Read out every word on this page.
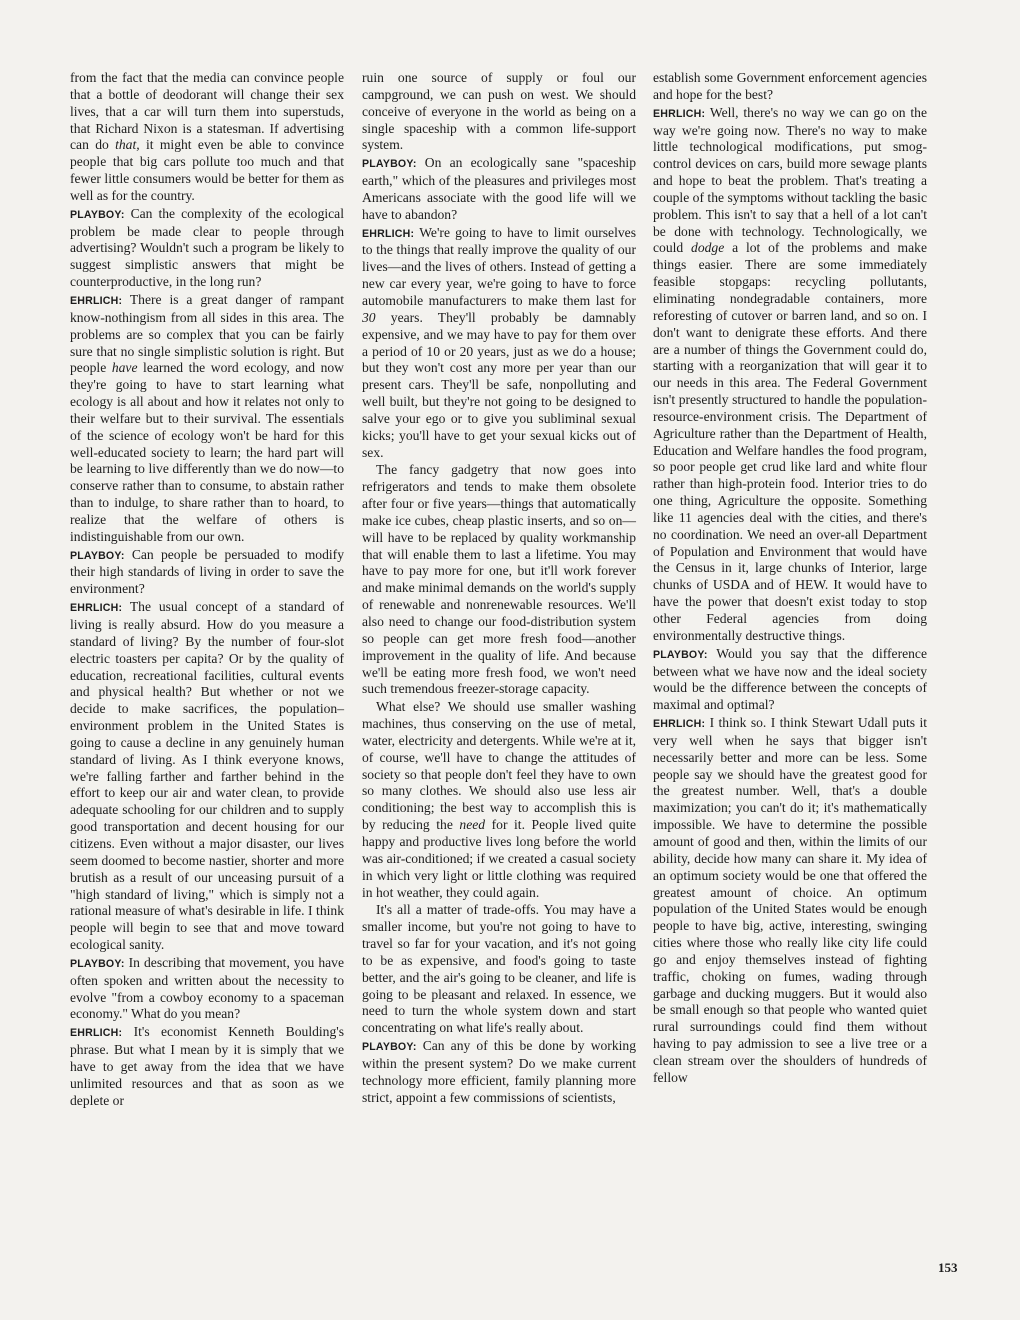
from the fact that the media can convince people that a bottle of deodorant will change their sex lives, that a car will turn them into superstuds, that Richard Nixon is a statesman. If advertising can do that, it might even be able to convince people that big cars pollute too much and that fewer little consumers would be better for them as well as for the country.

PLAYBOY: Can the complexity of the ecological problem be made clear to people through advertising? Wouldn't such a program be likely to suggest simplistic answers that might be counterproductive, in the long run?

EHRLICH: There is a great danger of rampant know-nothingism from all sides in this area. The problems are so complex that you can be fairly sure that no single simplistic solution is right. But people have learned the word ecology, and now they're going to have to start learning what ecology is all about and how it relates not only to their welfare but to their survival. The essentials of the science of ecology won't be hard for this well-educated society to learn; the hard part will be learning to live differently than we do now—to conserve rather than to consume, to abstain rather than to indulge, to share rather than to hoard, to realize that the welfare of others is indistinguishable from our own.

PLAYBOY: Can people be persuaded to modify their high standards of living in order to save the environment?

EHRLICH: The usual concept of a standard of living is really absurd. How do you measure a standard of living? By the number of four-slot electric toasters per capita? Or by the quality of education, recreational facilities, cultural events and physical health? But whether or not we decide to make sacrifices, the population–environment problem in the United States is going to cause a decline in any genuinely human standard of living. As I think everyone knows, we're falling farther and farther behind in the effort to keep our air and water clean, to provide adequate schooling for our children and to supply good transportation and decent housing for our citizens. Even without a major disaster, our lives seem doomed to become nastier, shorter and more brutish as a result of our unceasing pursuit of a "high standard of living," which is simply not a rational measure of what's desirable in life. I think people will begin to see that and move toward ecological sanity.

PLAYBOY: In describing that movement, you have often spoken and written about the necessity to evolve "from a cowboy economy to a spaceman economy." What do you mean?

EHRLICH: It's economist Kenneth Boulding's phrase. But what I mean by it is simply that we have to get away from the idea that we have unlimited resources and that as soon as we deplete or

ruin one source of supply or foul our campground, we can push on west. We should conceive of everyone in the world as being on a single spaceship with a common life-support system.

PLAYBOY: On an ecologically sane "spaceship earth," which of the pleasures and privileges most Americans associate with the good life will we have to abandon?

EHRLICH: We're going to have to limit ourselves to the things that really improve the quality of our lives—and the lives of others. Instead of getting a new car every year, we're going to have to force automobile manufacturers to make them last for 30 years. They'll probably be damnably expensive, and we may have to pay for them over a period of 10 or 20 years, just as we do a house; but they won't cost any more per year than our present cars. They'll be safe, nonpolluting and well built, but they're not going to be designed to salve your ego or to give you subliminal sexual kicks; you'll have to get your sexual kicks out of sex.

The fancy gadgetry that now goes into refrigerators and tends to make them obsolete after four or five years—things that automatically make ice cubes, cheap plastic inserts, and so on—will have to be replaced by quality workmanship that will enable them to last a lifetime. You may have to pay more for one, but it'll work forever and make minimal demands on the world's supply of renewable and nonrenewable resources. We'll also need to change our food-distribution system so people can get more fresh food—another improvement in the quality of life. And because we'll be eating more fresh food, we won't need such tremendous freezer-storage capacity.

What else? We should use smaller washing machines, thus conserving on the use of metal, water, electricity and detergents. While we're at it, of course, we'll have to change the attitudes of society so that people don't feel they have to own so many clothes. We should also use less air conditioning; the best way to accomplish this is by reducing the need for it. People lived quite happy and productive lives long before the world was air-conditioned; if we created a casual society in which very light or little clothing was required in hot weather, they could again.

It's all a matter of trade-offs. You may have a smaller income, but you're not going to have to travel so far for your vacation, and it's not going to be as expensive, and food's going to taste better, and the air's going to be cleaner, and life is going to be pleasant and relaxed. In essence, we need to turn the whole system down and start concentrating on what life's really about.

PLAYBOY: Can any of this be done by working within the present system? Do we make current technology more efficient, family planning more strict, appoint a few commissions of scientists,

establish some Government enforcement agencies and hope for the best?

EHRLICH: Well, there's no way we can go on the way we're going now. There's no way to make little technological modifications, put smog-control devices on cars, build more sewage plants and hope to beat the problem. That's treating a couple of the symptoms without tackling the basic problem. This isn't to say that a hell of a lot can't be done with technology. Technologically, we could dodge a lot of the problems and make things easier. There are some immediately feasible stopgaps: recycling pollutants, eliminating nondegradable containers, more reforesting of cutover or barren land, and so on. I don't want to denigrate these efforts. And there are a number of things the Government could do, starting with a reorganization that will gear it to our needs in this area. The Federal Government isn't presently structured to handle the population-resource-environment crisis. The Department of Agriculture rather than the Department of Health, Education and Welfare handles the food program, so poor people get crud like lard and white flour rather than high-protein food. Interior tries to do one thing, Agriculture the opposite. Something like 11 agencies deal with the cities, and there's no coordination. We need an over-all Department of Population and Environment that would have the Census in it, large chunks of Interior, large chunks of USDA and of HEW. It would have to have the power that doesn't exist today to stop other Federal agencies from doing environmentally destructive things.

PLAYBOY: Would you say that the difference between what we have now and the ideal society would be the difference between the concepts of maximal and optimal?

EHRLICH: I think so. I think Stewart Udall puts it very well when he says that bigger isn't necessarily better and more can be less. Some people say we should have the greatest good for the greatest number. Well, that's a double maximization; you can't do it; it's mathematically impossible. We have to determine the possible amount of good and then, within the limits of our ability, decide how many can share it. My idea of an optimum society would be one that offered the greatest amount of choice. An optimum population of the United States would be enough people to have big, active, interesting, swinging cities where those who really like city life could go and enjoy themselves instead of fighting traffic, choking on fumes, wading through garbage and ducking muggers. But it would also be small enough so that people who wanted quiet rural surroundings could find them without having to pay admission to see a live tree or a clean stream over the shoulders of hundreds of fellow

153
